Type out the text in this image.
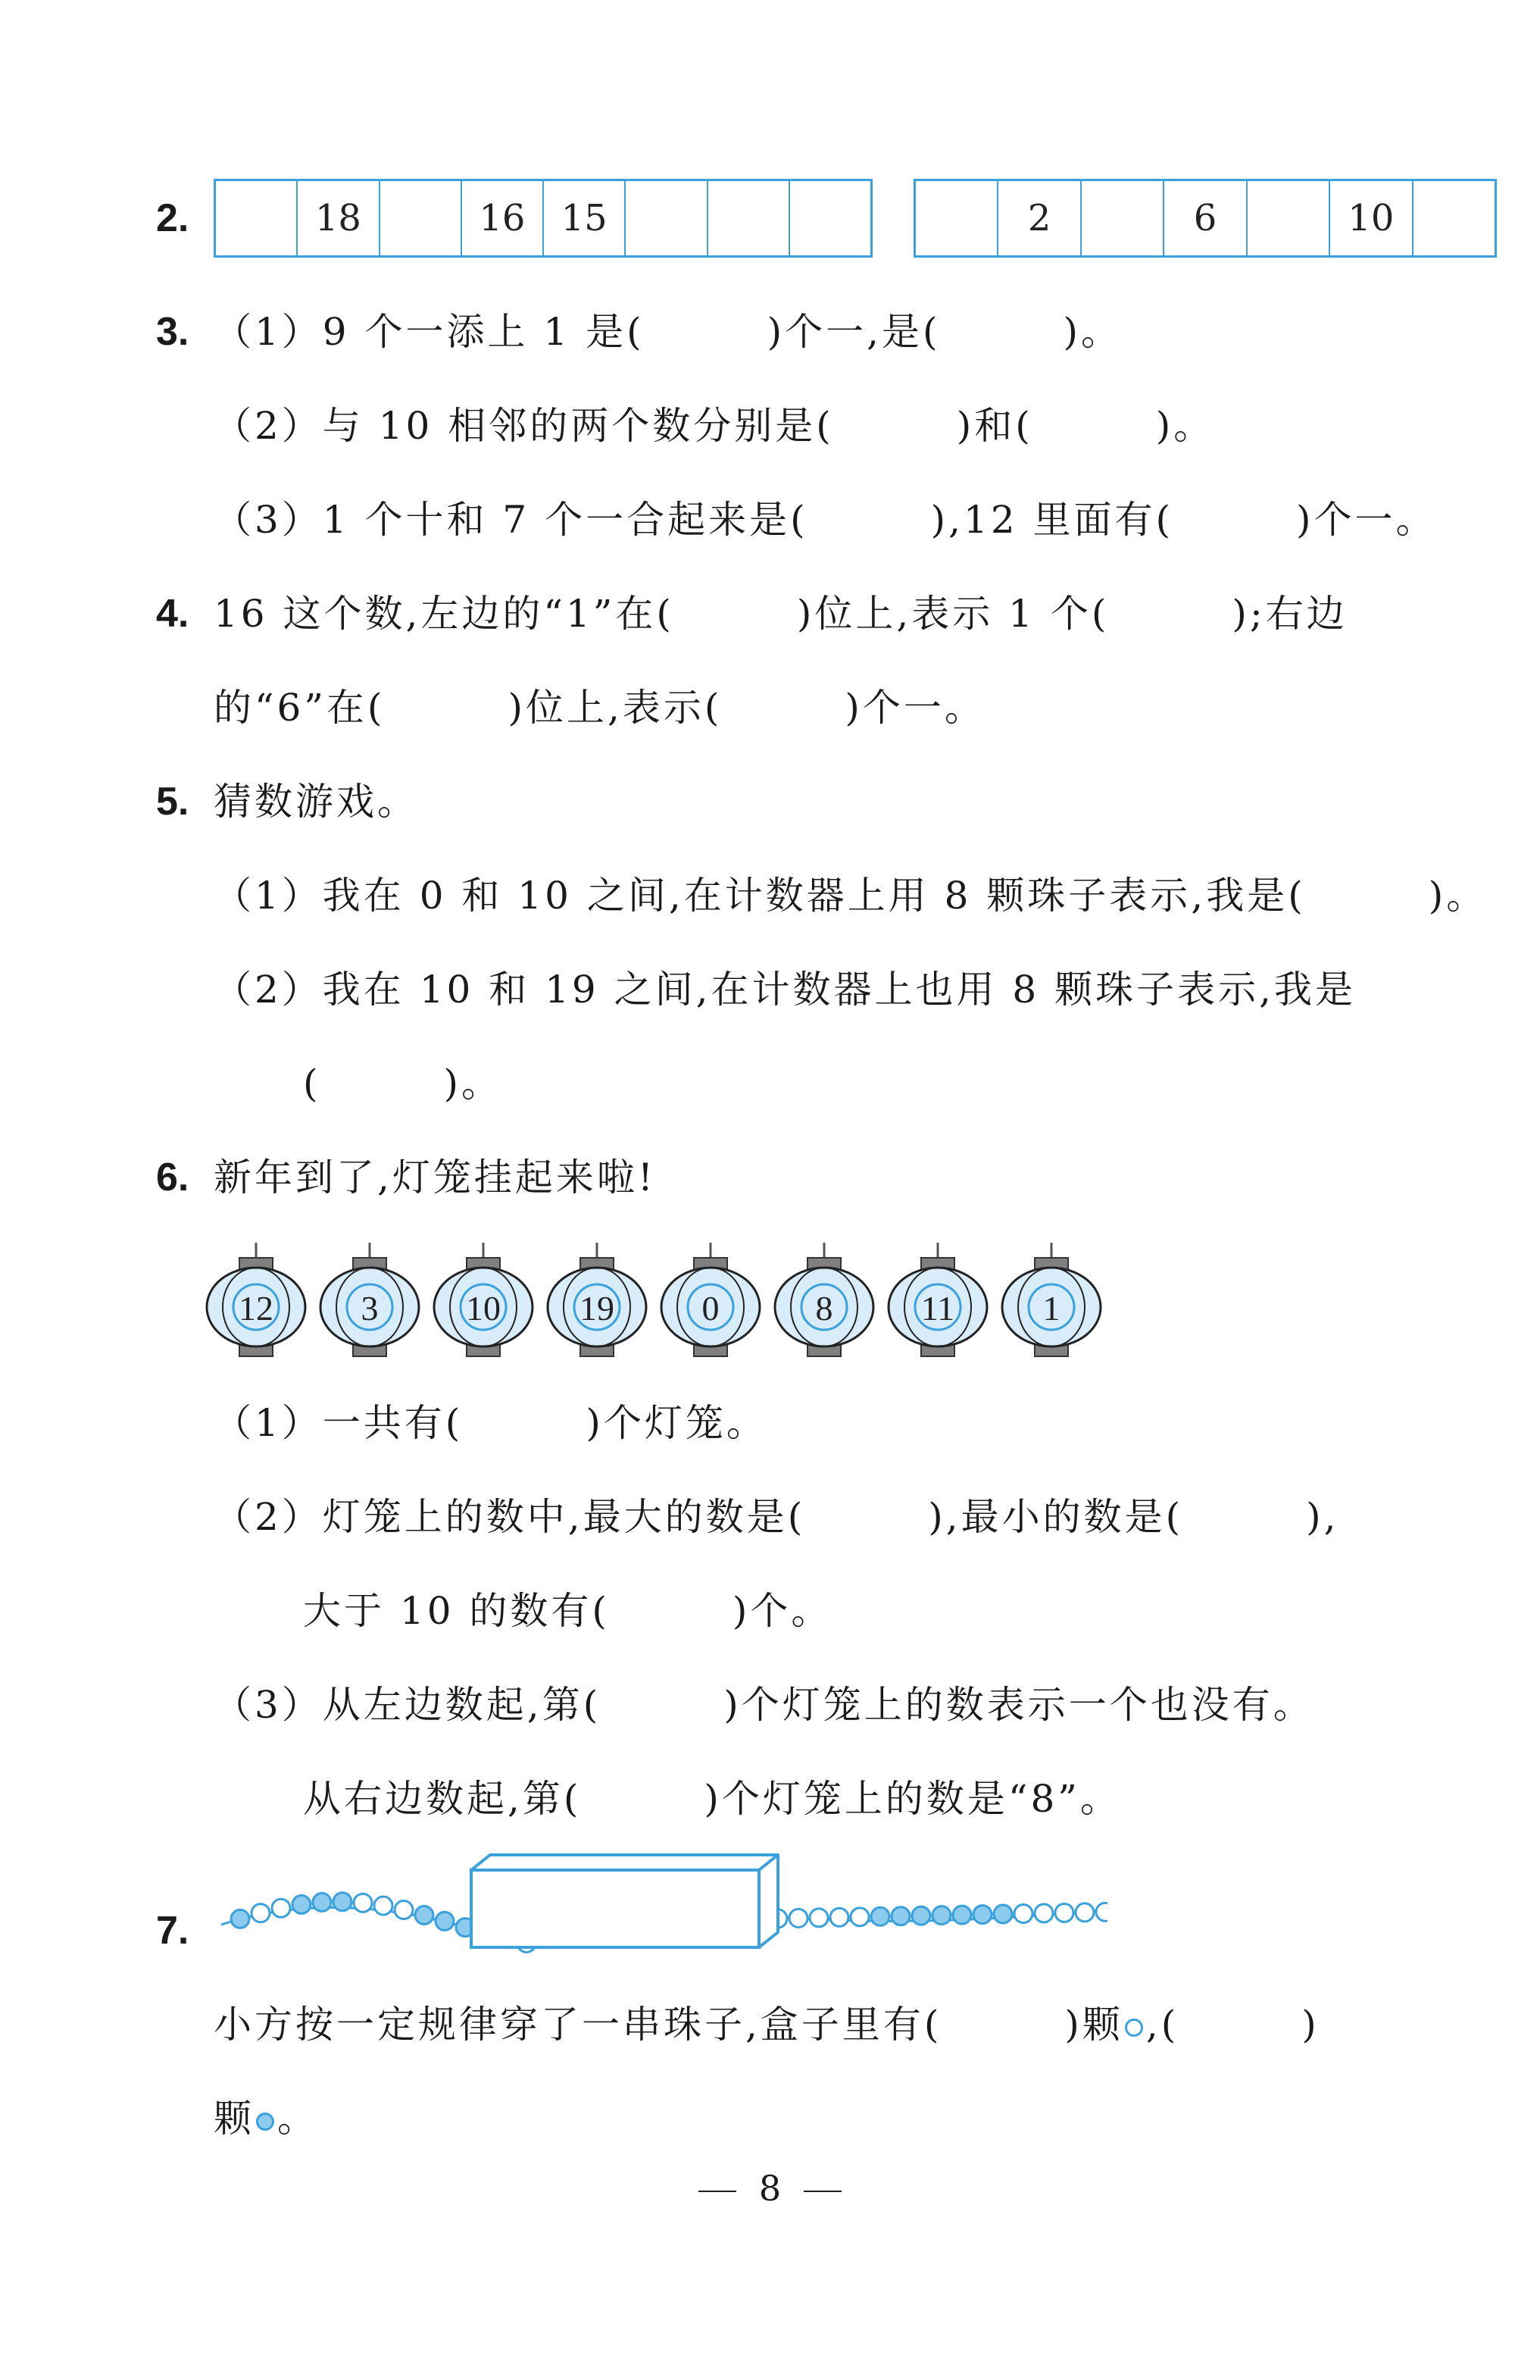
2.	18	16 15	2	6	10
3. （1）9 个一添上 1 是(　　　)个一,是(　　　)。
（2）与 10 相邻的两个数分别是(　　　)和(　　　)。
（3）1 个十和 7 个一合起来是(　　　),12 里面有(　　　)个一。
4. 16 这个数,左边的“1”在(　　　)位上,表示 1 个(　　　);右边
的“6”在(　　　)位上,表示(　　　)个一。
5. 猜数游戏。
（1）我在 0 和 10 之间,在计数器上用 8 颗珠子表示,我是(　　　)。
（2）我在 10 和 19 之间,在计数器上也用 8 颗珠子表示,我是
(　　　)。
6. 新年到了,灯笼挂起来啦!
12	3	10 19	0	8	11	1
（1）一共有(　　　)个灯笼。
（2）灯笼上的数中,最大的数是(　　　),最小的数是(　　　),
大于 10 的数有(　　　)个。
（3）从左边数起,第(　　　)个灯笼上的数表示一个也没有。
从右边数起,第(　　　)个灯笼上的数是“8”。
7.
小方按一定规律穿了一串珠子,盒子里有(　　　)颗 ,(　　　)
颗 。
8
